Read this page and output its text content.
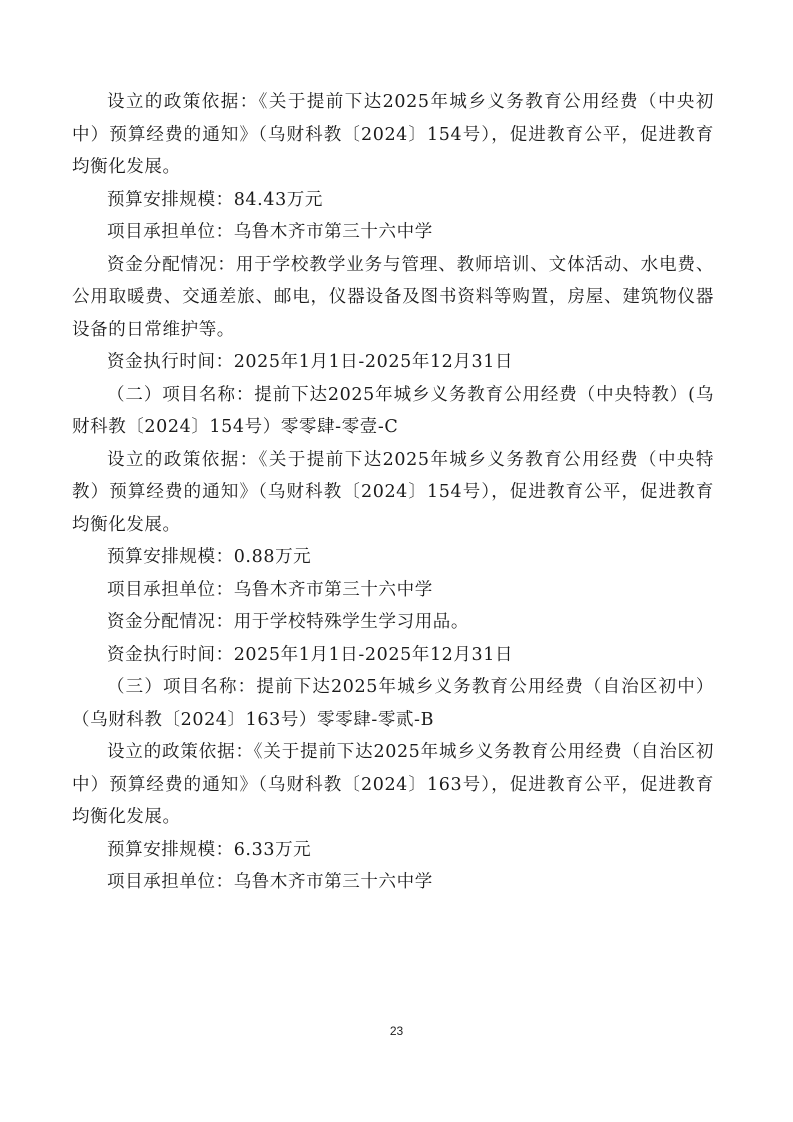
设立的政策依据：《关于提前下达2025年城乡义务教育公用经费（中央初中）预算经费的通知》（乌财科教〔2024〕154号），促进教育公平，促进教育均衡化发展。

预算安排规模：84.43万元

项目承担单位：乌鲁木齐市第三十六中学

资金分配情况：用于学校教学业务与管理、教师培训、文体活动、水电费、公用取暖费、交通差旅、邮电，仪器设备及图书资料等购置，房屋、建筑物仪器设备的日常维护等。

资金执行时间：2025年1月1日-2025年12月31日

（二）项目名称：提前下达2025年城乡义务教育公用经费（中央特教）(乌财科教〔2024〕154号）零零肆-零壹-C

设立的政策依据：《关于提前下达2025年城乡义务教育公用经费（中央特教）预算经费的通知》（乌财科教〔2024〕154号），促进教育公平，促进教育均衡化发展。

预算安排规模：0.88万元

项目承担单位：乌鲁木齐市第三十六中学

资金分配情况：用于学校特殊学生学习用品。

资金执行时间：2025年1月1日-2025年12月31日

（三）项目名称：提前下达2025年城乡义务教育公用经费（自治区初中）（乌财科教〔2024〕163号）零零肆-零贰-B

设立的政策依据：《关于提前下达2025年城乡义务教育公用经费（自治区初中）预算经费的通知》（乌财科教〔2024〕163号），促进教育公平，促进教育均衡化发展。

预算安排规模：6.33万元

项目承担单位：乌鲁木齐市第三十六中学

23
